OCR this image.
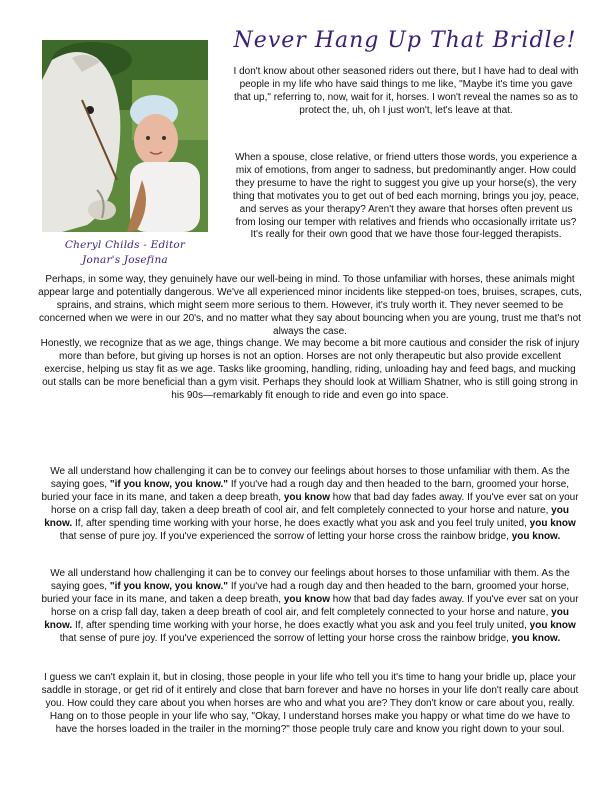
Cheryl Childs - Editor
Jonar's Josefina
Never Hang Up That Bridle!

I don't know about other seasoned riders out there, but I have had to deal with people in my life who have said things to me like, "Maybe it's time you gave that up," referring to, now, wait for it, horses. I won't reveal the names so as to protect the, uh, oh I just won't, let's leave at that.

When a spouse, close relative, or friend utters those words, you experience a mix of emotions, from anger to sadness, but predominantly anger. How could they presume to have the right to suggest you give up your horse(s), the very thing that motivates you to get out of bed each morning, brings you joy, peace, and serves as your therapy? Aren't they aware that horses often prevent us from losing our temper with relatives and friends who occasionally irritate us? It's really for their own good that we have those four-legged therapists.

Perhaps, in some way, they genuinely have our well-being in mind. To those unfamiliar with horses, these animals might appear large and potentially dangerous. We've all experienced minor incidents like stepped-on toes, bruises, scrapes, cuts, sprains, and strains, which might seem more serious to them. However, it's truly worth it. They never seemed to be concerned when we were in our 20's, and no matter what they say about bouncing when you are young, trust me that's not always the case.

Honestly, we recognize that as we age, things change. We may become a bit more cautious and consider the risk of injury more than before, but giving up horses is not an option. Horses are not only therapeutic but also provide excellent exercise, helping us stay fit as we age. Tasks like grooming, handling, riding, unloading hay and feed bags, and mucking out stalls can be more beneficial than a gym visit. Perhaps they should look at William Shatner, who is still going strong in his 90s—remarkably fit enough to ride and even go into space.

We all understand how challenging it can be to convey our feelings about horses to those unfamiliar with them. As the saying goes, "if you know, you know." If you've had a rough day and then headed to the barn, groomed your horse, buried your face in its mane, and taken a deep breath, you know how that bad day fades away. If you've ever sat on your horse on a crisp fall day, taken a deep breath of cool air, and felt completely connected to your horse and nature, you know. If, after spending time working with your horse, he does exactly what you ask and you feel truly united, you know that sense of pure joy. If you've experienced the sorrow of letting your horse cross the rainbow bridge, you know.

We all understand how challenging it can be to convey our feelings about horses to those unfamiliar with them. As the saying goes, "if you know, you know." If you've had a rough day and then headed to the barn, groomed your horse, buried your face in its mane, and taken a deep breath, you know how that bad day fades away. If you've ever sat on your horse on a crisp fall day, taken a deep breath of cool air, and felt completely connected to your horse and nature, you know. If, after spending time working with your horse, he does exactly what you ask and you feel truly united, you know that sense of pure joy. If you've experienced the sorrow of letting your horse cross the rainbow bridge, you know.

I guess we can't explain it, but in closing, those people in your life who tell you it's time to hang your bridle up, place your saddle in storage, or get rid of it entirely and close that barn forever and have no horses in your life don't really care about you. How could they care about you when horses are who and what you are? They don't know or care about you, really. Hang on to those people in your life who say, "Okay, I understand horses make you happy or what time do we have to have the horses loaded in the trailer in the morning?" those people truly care and know you right down to your soul.
